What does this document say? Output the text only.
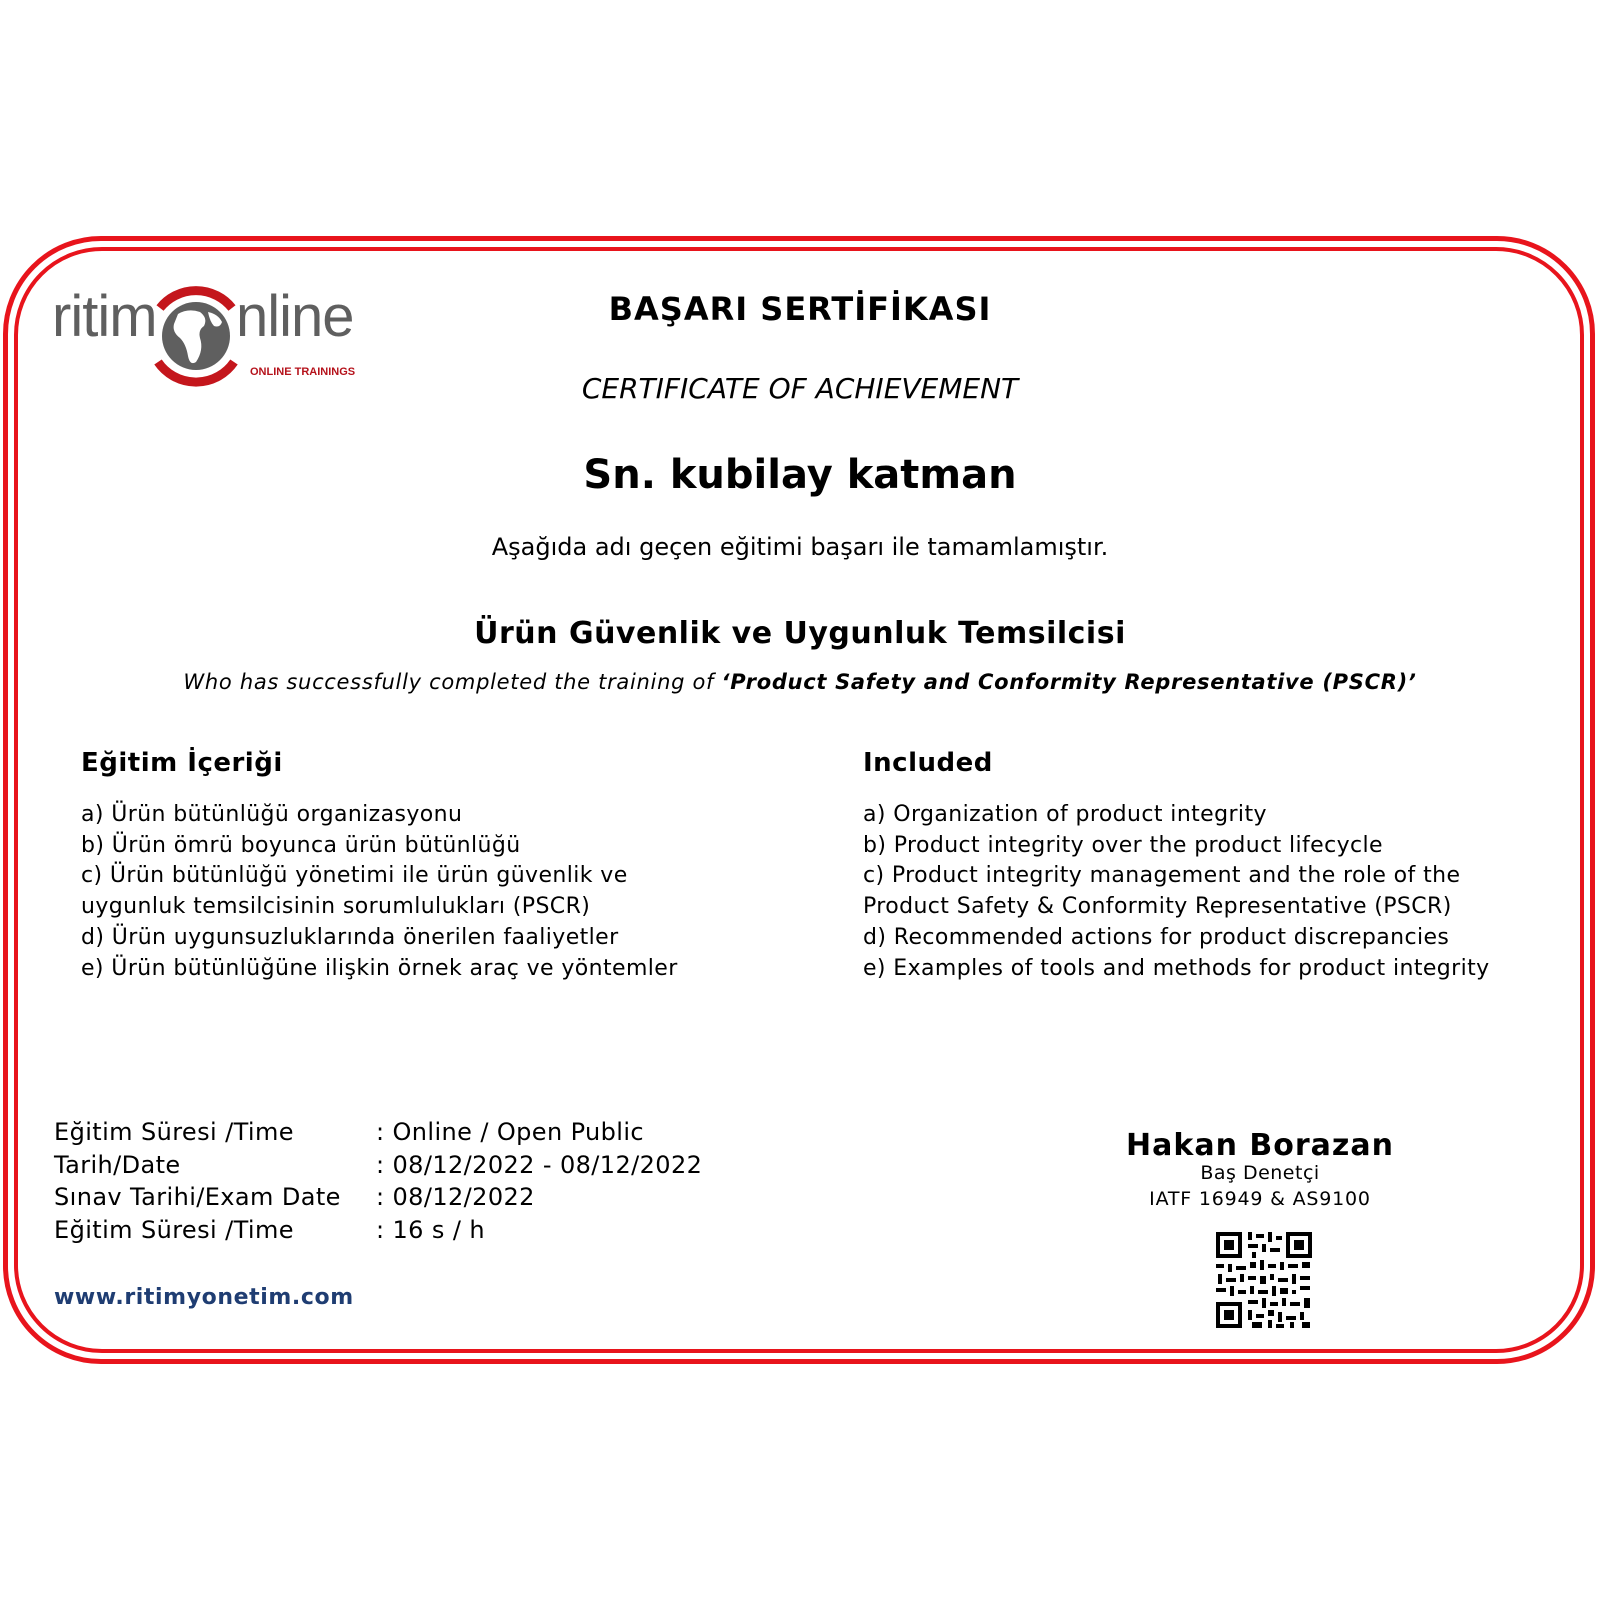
ritim nline
ONLINE TRAININGS
BAŞARI SERTİFİKASI
CERTIFICATE OF ACHIEVEMENT
Sn. kubilay katman
Aşağıda adı geçen eğitimi başarı ile tamamlamıştır.
Ürün Güvenlik ve Uygunluk Temsilcisi
Who has successfully completed the training of ‘Product Safety and Conformity Representative (PSCR)’
Eğitim İçeriği
a) Ürün bütünlüğü organizasyonu
b) Ürün ömrü boyunca ürün bütünlüğü
c) Ürün bütünlüğü yönetimi ile ürün güvenlik ve
uygunluk temsilcisinin sorumlulukları (PSCR)
d) Ürün uygunsuzluklarında önerilen faaliyetler
e) Ürün bütünlüğüne ilişkin örnek araç ve yöntemler
Included
a) Organization of product integrity
b) Product integrity over the product lifecycle
c) Product integrity management and the role of the
Product Safety & Conformity Representative (PSCR)
d) Recommended actions for product discrepancies
e) Examples of tools and methods for product integrity
Eğitim Süresi /Time	: Online / Open Public
Tarih/Date	: 08/12/2022 - 08/12/2022
Sınav Tarihi/Exam Date : 08/12/2022
Eğitim Süresi /Time	: 16 s / h
www.ritimyonetim.com
Hakan Borazan
Baş Denetçi
IATF 16949 & AS9100
